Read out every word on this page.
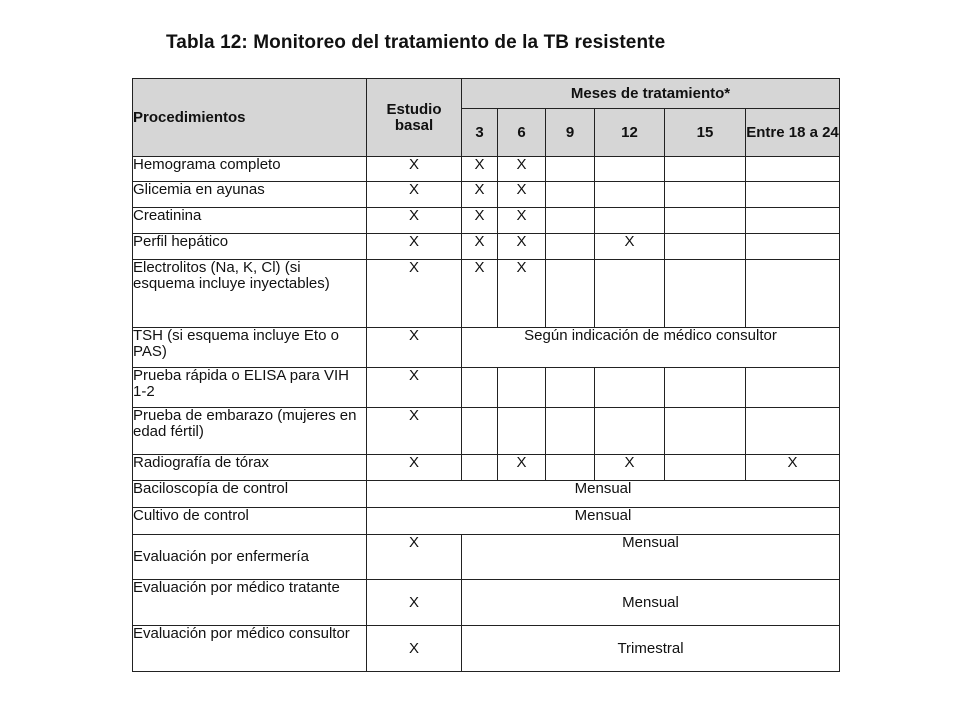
Tabla 12: Monitoreo del tratamiento de la TB resistente
Procedimientos	Estudio basal	Meses de tratamiento*					
		3	6	9	12	15	Entre 18 a 24
Hemograma completo	X	X	X				
Glicemia en ayunas	X	X	X				
Creatinina	X	X	X				
Perfil hepático	X	X	X		X		
Electrolitos (Na, K, Cl) (si esquema incluye inyectables)	X	X	X				
TSH (si esquema incluye Eto o PAS)	X	Según indicación de médico consultor					
Prueba rápida o ELISA para VIH 1-2	X						
Prueba de embarazo (mujeres en edad fértil)	X						
Radiografía de tórax	X		X		X		X
Baciloscopía de control	Mensual						
Cultivo de control	Mensual						
Evaluación por enfermería	X	Mensual					
Evaluación por médico tratante	X	Mensual					
Evaluación por médico consultor	X	Trimestral					
